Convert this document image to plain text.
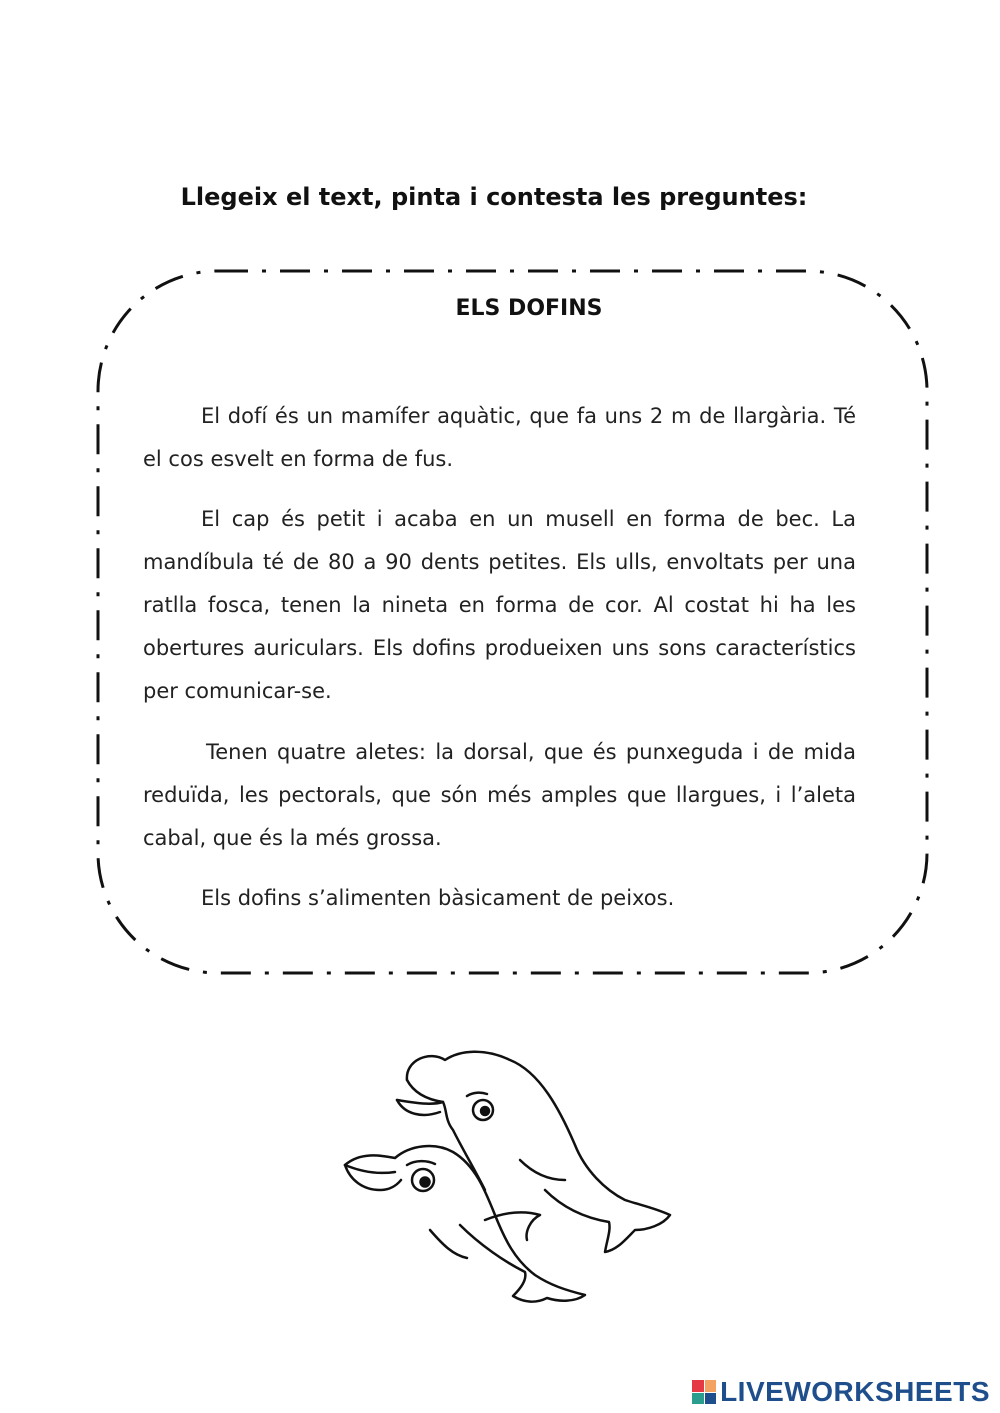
Llegeix el text, pinta i contesta les preguntes:
ELS DOFINS
El dofí és un mamífer aquàtic, que fa uns 2 m de llargària. Té el cos esvelt en forma de fus.
El cap és petit i acaba en un musell en forma de bec. La mandíbula té de 80 a 90 dents petites. Els ulls, envoltats per una ratlla fosca, tenen la nineta en forma de cor. Al costat hi ha les obertures auriculars. Els dofins produeixen uns sons característics per comunicar-se.
Tenen quatre aletes: la dorsal, que és punxeguda i de mida reduïda, les pectorals, que són més amples que llargues, i l’aleta cabal, que és la més grossa.
Els dofins s’alimenten bàsicament de peixos.
LIVEWORKSHEETS
